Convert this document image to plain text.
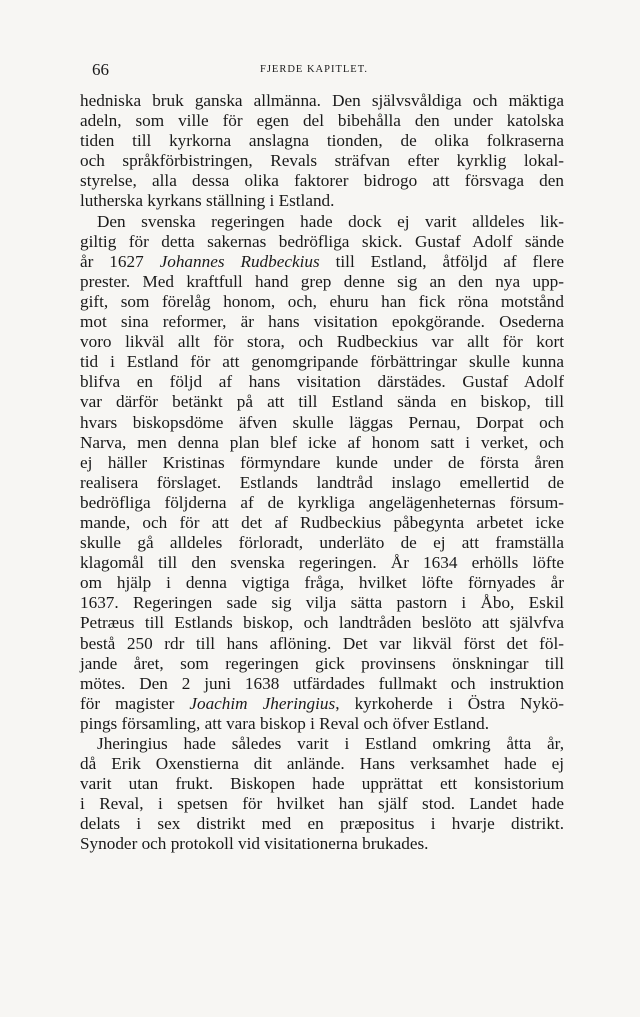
66	FJERDE KAPITLET.
hedniska bruk ganska allmänna. Den självsvåldiga och mäktiga
adeln, som ville för egen del bibehålla den under katolska
tiden till kyrkorna anslagna tionden, de olika folkraserna
och språkförbistringen, Revals sträfvan efter kyrklig lokal-
styrelse, alla dessa olika faktorer bidrogo att försvaga den
lutherska kyrkans ställning i Estland.
Den svenska regeringen hade dock ej varit alldeles lik-
giltig för detta sakernas bedröfliga skick. Gustaf Adolf sände
år 1627 Johannes Rudbeckius till Estland, åtföljd af flere
prester. Med kraftfull hand grep denne sig an den nya upp-
gift, som förelåg honom, och, ehuru han fick röna motstånd
mot sina reformer, är hans visitation epokgörande. Osederna
voro likväl allt för stora, och Rudbeckius var allt för kort
tid i Estland för att genomgripande förbättringar skulle kunna
blifva en följd af hans visitation därstädes. Gustaf Adolf
var därför betänkt på att till Estland sända en biskop, till
hvars biskopsdöme äfven skulle läggas Pernau, Dorpat och
Narva, men denna plan blef icke af honom satt i verket, och
ej häller Kristinas förmyndare kunde under de första åren
realisera förslaget. Estlands landtråd inslago emellertid de
bedröfliga följderna af de kyrkliga angelägenheternas försum-
mande, och för att det af Rudbeckius påbegynta arbetet icke
skulle gå alldeles förloradt, underläto de ej att framställa
klagomål till den svenska regeringen. År 1634 erhölls löfte
om hjälp i denna vigtiga fråga, hvilket löfte förnyades år
1637. Regeringen sade sig vilja sätta pastorn i Åbo, Eskil
Petræus till Estlands biskop, och landtråden beslöto att självfva
bestå 250 rdr till hans aflöning. Det var likväl först det föl-
jande året, som regeringen gick provinsens önskningar till
mötes. Den 2 juni 1638 utfärdades fullmakt och instruktion
för magister Joachim Jheringius, kyrkoherde i Östra Nykö-
pings församling, att vara biskop i Reval och öfver Estland.
Jheringius hade således varit i Estland omkring åtta år,
då Erik Oxenstierna dit anlände. Hans verksamhet hade ej
varit utan frukt. Biskopen hade upprättat ett konsistorium
i Reval, i spetsen för hvilket han själf stod. Landet hade
delats i sex distrikt med en præpositus i hvarje distrikt.
Synoder och protokoll vid visitationerna brukades.
